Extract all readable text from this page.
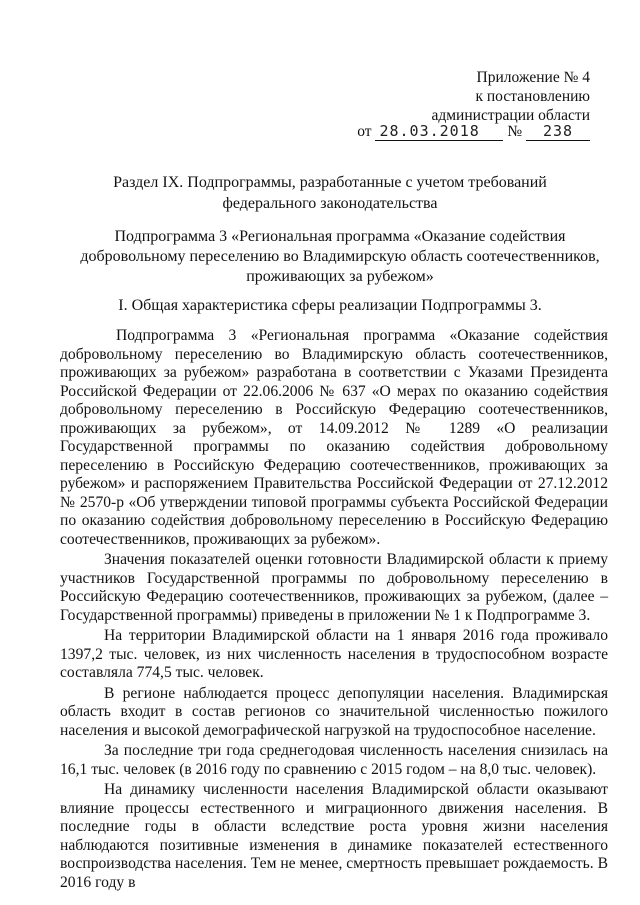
Приложение № 4
к постановлению
администрации области
от 28.03.2018 № 238
Раздел IX. Подпрограммы, разработанные с учетом требований федерального законодательства
Подпрограмма 3 «Региональная программа «Оказание содействия добровольному переселению во Владимирскую область соотечественников, проживающих за рубежом»
I. Общая характеристика сферы реализации Подпрограммы 3.

Подпрограмма 3 «Региональная программа «Оказание содействия добровольному переселению во Владимирскую область соотечественников, проживающих за рубежом» разработана в соответствии с Указами Президента Российской Федерации от 22.06.2006 № 637 «О мерах по оказанию содействия добровольному переселению в Российскую Федерацию соотечественников, проживающих за рубежом», от 14.09.2012 № 1289 «О реализации Государственной программы по оказанию содействия добровольному переселению в Российскую Федерацию соотечественников, проживающих за рубежом» и распоряжением Правительства Российской Федерации от 27.12.2012 № 2570-р «Об утверждении типовой программы субъекта Российской Федерации по оказанию содействия добровольному переселению в Российскую Федерацию соотечественников, проживающих за рубежом».

Значения показателей оценки готовности Владимирской области к приему участников Государственной программы по добровольному переселению в Российскую Федерацию соотечественников, проживающих за рубежом, (далее – Государственной программы) приведены в приложении № 1 к Подпрограмме 3.

На территории Владимирской области на 1 января 2016 года проживало 1397,2 тыс. человек, из них численность населения в трудоспособном возрасте составляла 774,5 тыс. человек.

В регионе наблюдается процесс депопуляции населения. Владимирская область входит в состав регионов со значительной численностью пожилого населения и высокой демографической нагрузкой на трудоспособное население.

За последние три года среднегодовая численность населения снизилась на 16,1 тыс. человек (в 2016 году по сравнению с 2015 годом – на 8,0 тыс. человек).

На динамику численности населения Владимирской области оказывают влияние процессы естественного и миграционного движения населения. В последние годы в области вследствие роста уровня жизни населения наблюдаются позитивные изменения в динамике показателей естественного воспроизводства населения. Тем не менее, смертность превышает рождаемость. В 2016 году в
